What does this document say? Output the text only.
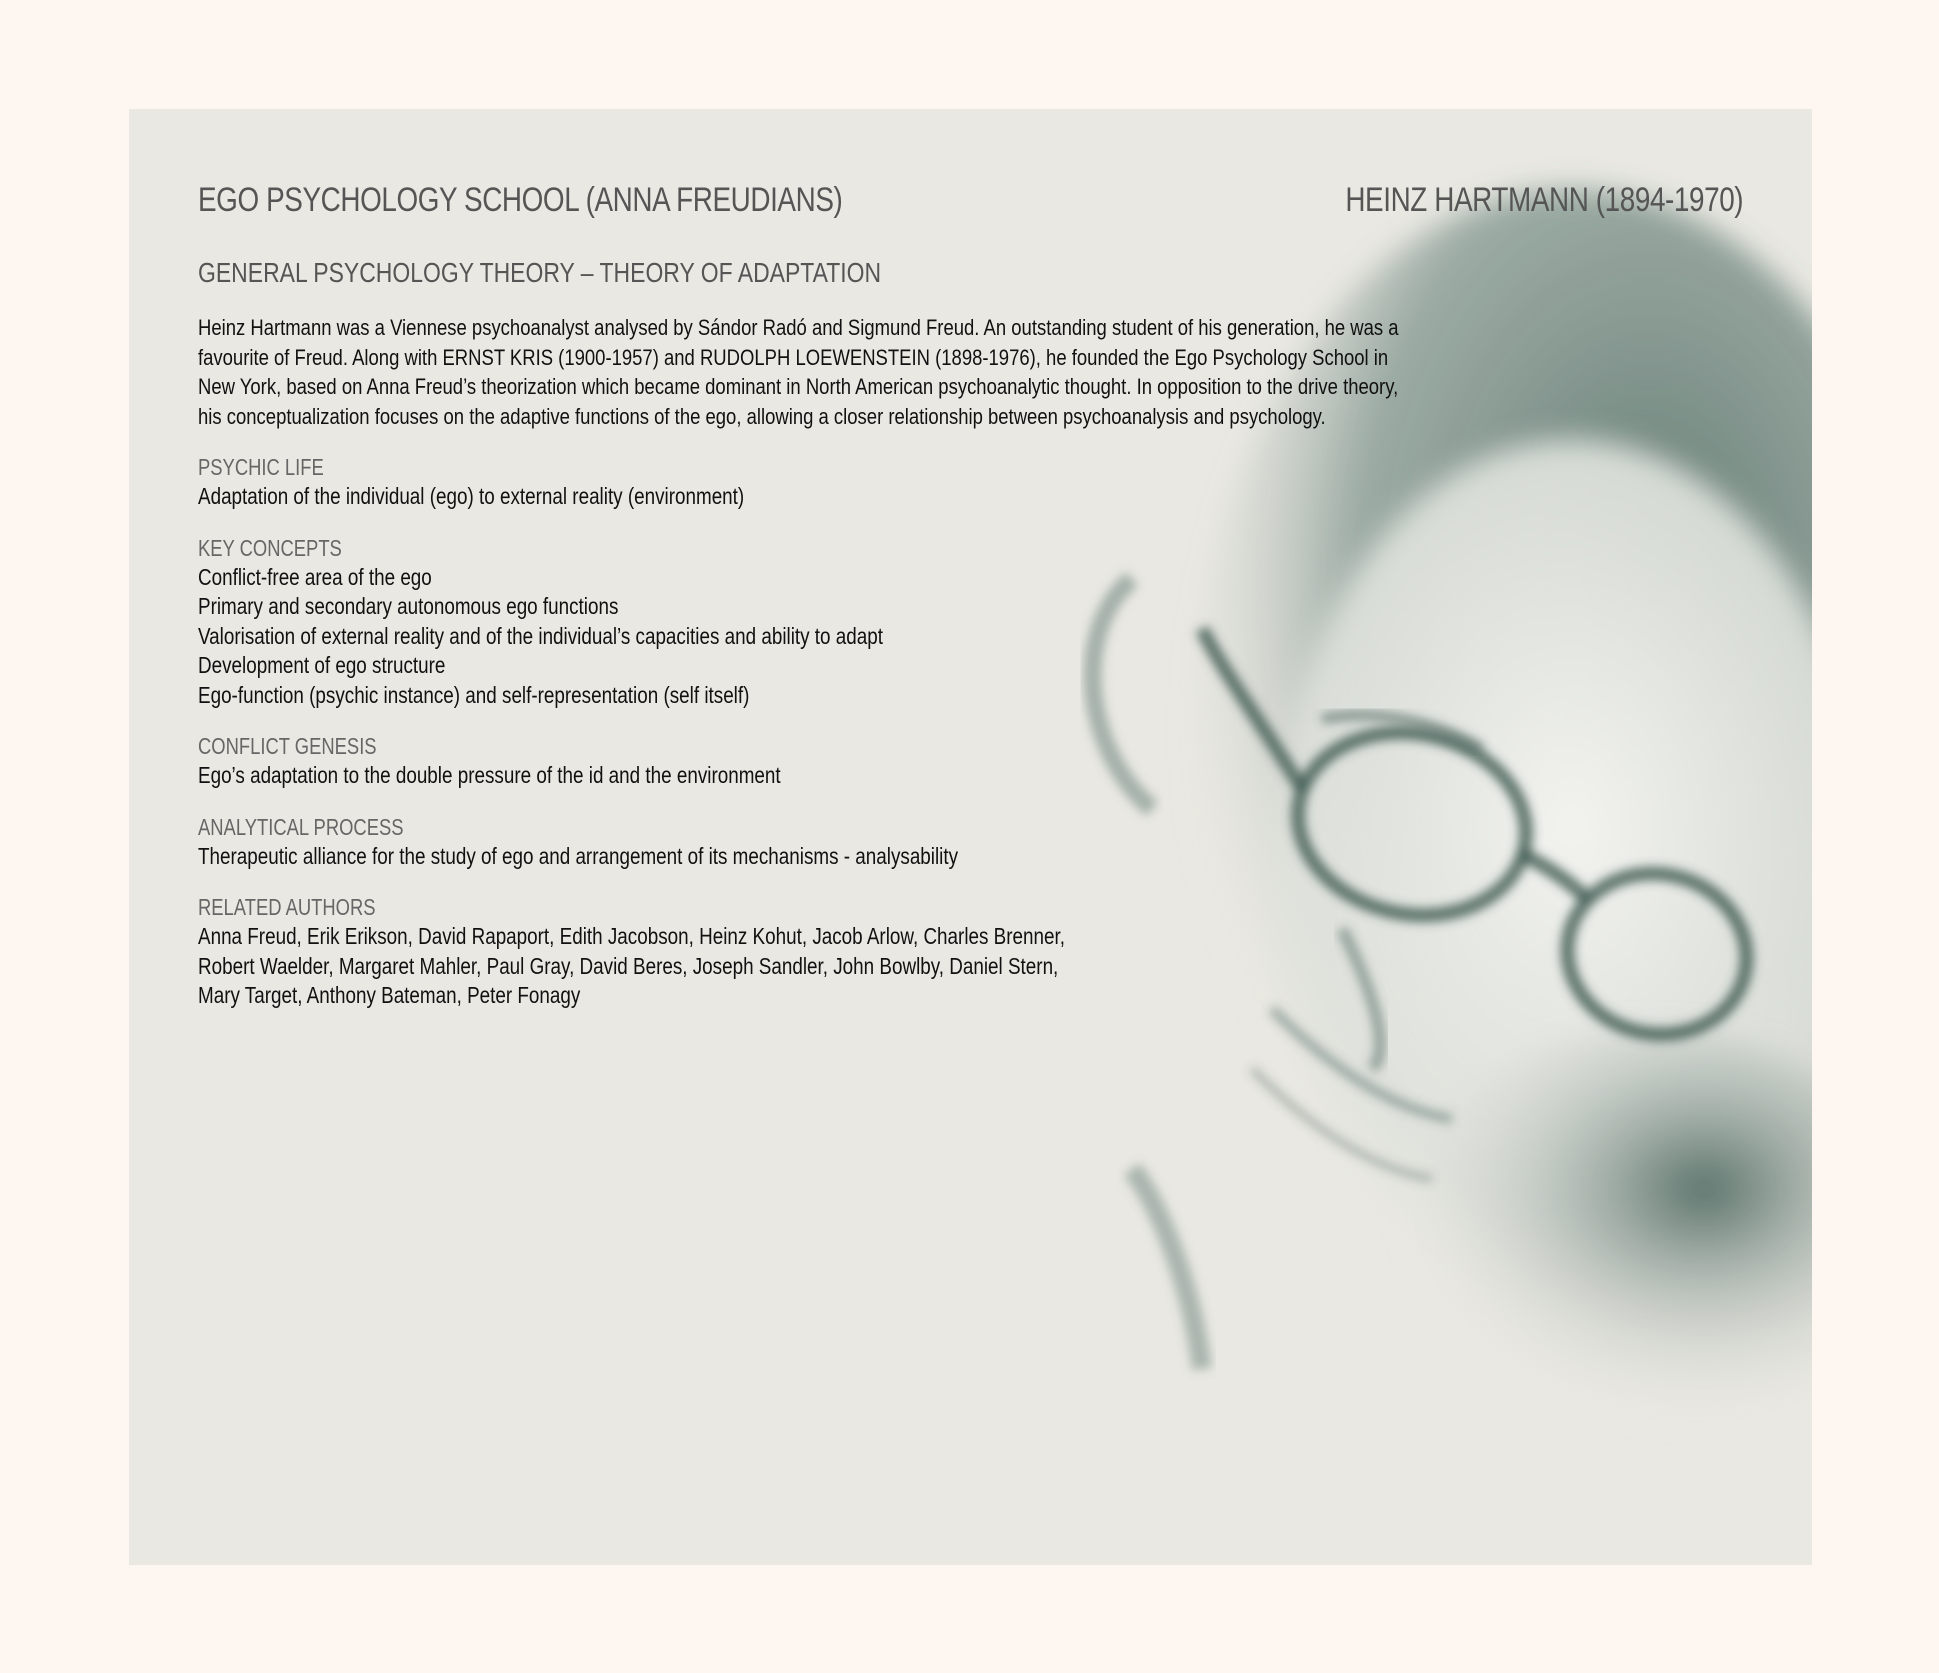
EGO PSYCHOLOGY SCHOOL (ANNA FREUDIANS)	HEINZ HARTMANN (1894-1970)
GENERAL PSYCHOLOGY THEORY – THEORY OF ADAPTATION
Heinz Hartmann was a Viennese psychoanalyst analysed by Sándor Radó and Sigmund Freud. An outstanding student of his generation, he was a favourite of Freud. Along with ERNST KRIS (1900-1957) and RUDOLPH LOEWENSTEIN (1898-1976), he founded the Ego Psychology School in New York, based on Anna Freud’s theorization which became dominant in North American psychoanalytic thought. In opposition to the drive theory, his conceptualization focuses on the adaptive functions of the ego, allowing a closer relationship between psychoanalysis and psychology.
PSYCHIC LIFE
Adaptation of the individual (ego) to external reality (environment)
KEY CONCEPTS
Conflict-free area of the ego
Primary and secondary autonomous ego functions
Valorisation of external reality and of the individual’s capacities and ability to adapt
Development of ego structure
Ego-function (psychic instance) and self-representation (self itself)
CONFLICT GENESIS
Ego’s adaptation to the double pressure of the id and the environment
ANALYTICAL PROCESS
Therapeutic alliance for the study of ego and arrangement of its mechanisms - analysability
RELATED AUTHORS
Anna Freud, Erik Erikson, David Rapaport, Edith Jacobson, Heinz Kohut, Jacob Arlow, Charles Brenner, Robert Waelder, Margaret Mahler, Paul Gray, David Beres, Joseph Sandler, John Bowlby, Daniel Stern, Mary Target, Anthony Bateman, Peter Fonagy
